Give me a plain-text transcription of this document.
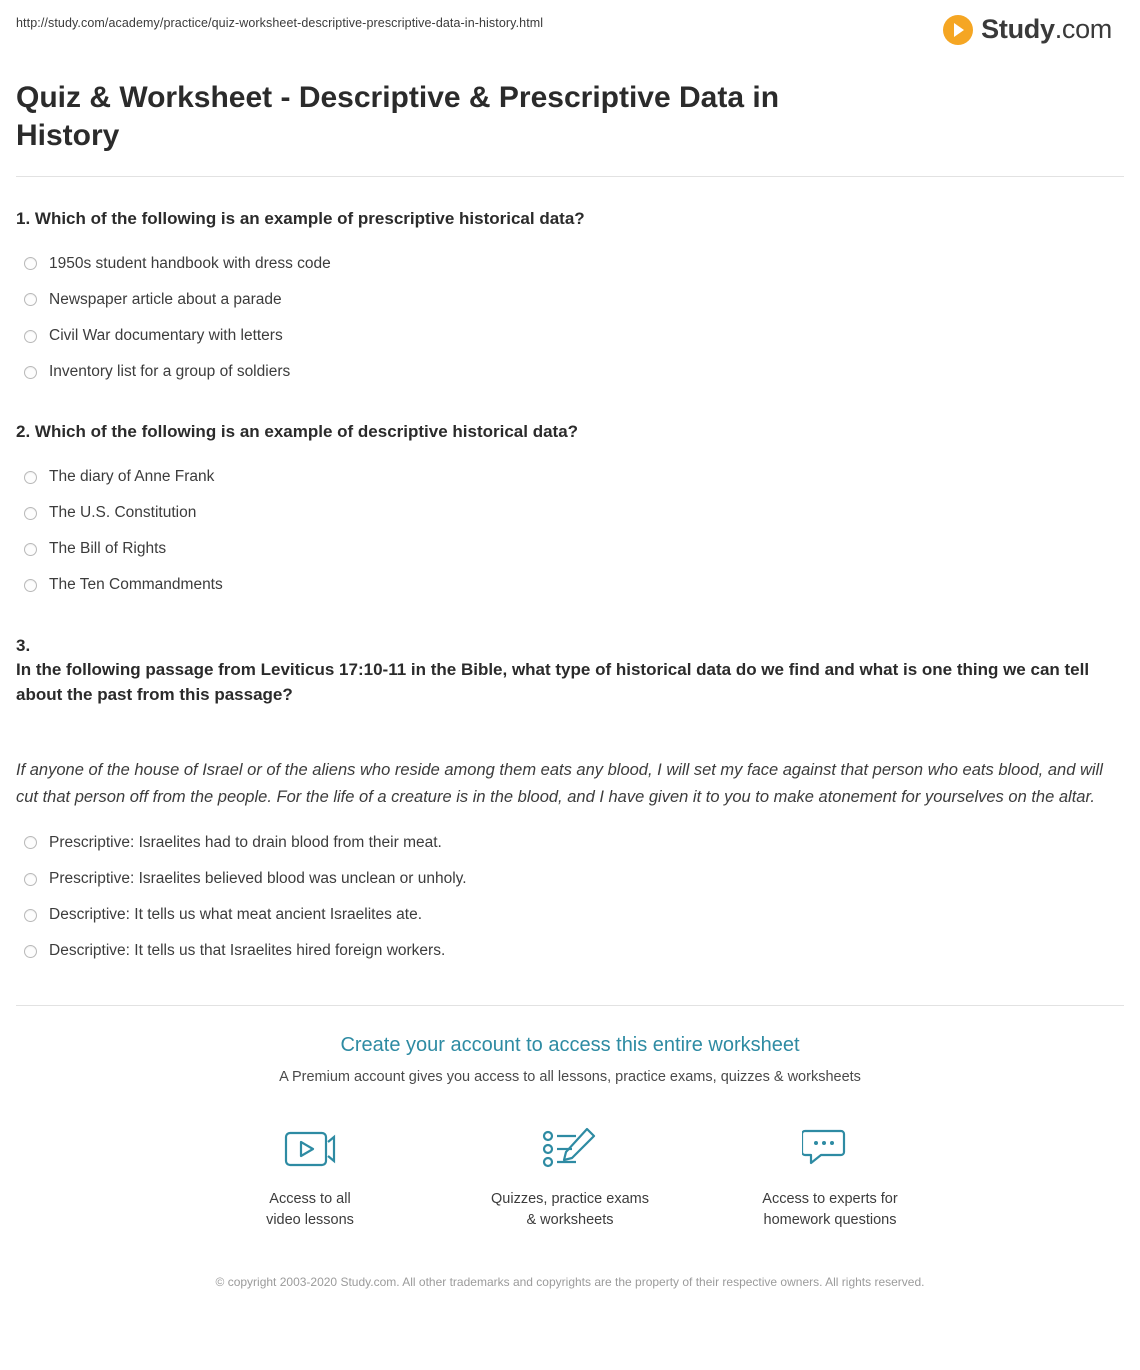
http://study.com/academy/practice/quiz-worksheet-descriptive-prescriptive-data-in-history.html	Study.com
Quiz & Worksheet - Descriptive & Prescriptive Data in History
1. Which of the following is an example of prescriptive historical data?
1950s student handbook with dress code
Newspaper article about a parade
Civil War documentary with letters
Inventory list for a group of soldiers
2. Which of the following is an example of descriptive historical data?
The diary of Anne Frank
The U.S. Constitution
The Bill of Rights
The Ten Commandments
3.
In the following passage from Leviticus 17:10-11 in the Bible, what type of historical data do we find and what is one thing we can tell about the past from this passage?
If anyone of the house of Israel or of the aliens who reside among them eats any blood, I will set my face against that person who eats blood, and will cut that person off from the people. For the life of a creature is in the blood, and I have given it to you to make atonement for yourselves on the altar.
Prescriptive: Israelites had to drain blood from their meat.
Prescriptive: Israelites believed blood was unclean or unholy.
Descriptive: It tells us what meat ancient Israelites ate.
Descriptive: It tells us that Israelites hired foreign workers.
Create your account to access this entire worksheet
A Premium account gives you access to all lessons, practice exams, quizzes & worksheets
Access to all
video lessons
Quizzes, practice exams
& worksheets
Access to experts for
homework questions
© copyright 2003-2020 Study.com. All other trademarks and copyrights are the property of their respective owners. All rights reserved.
